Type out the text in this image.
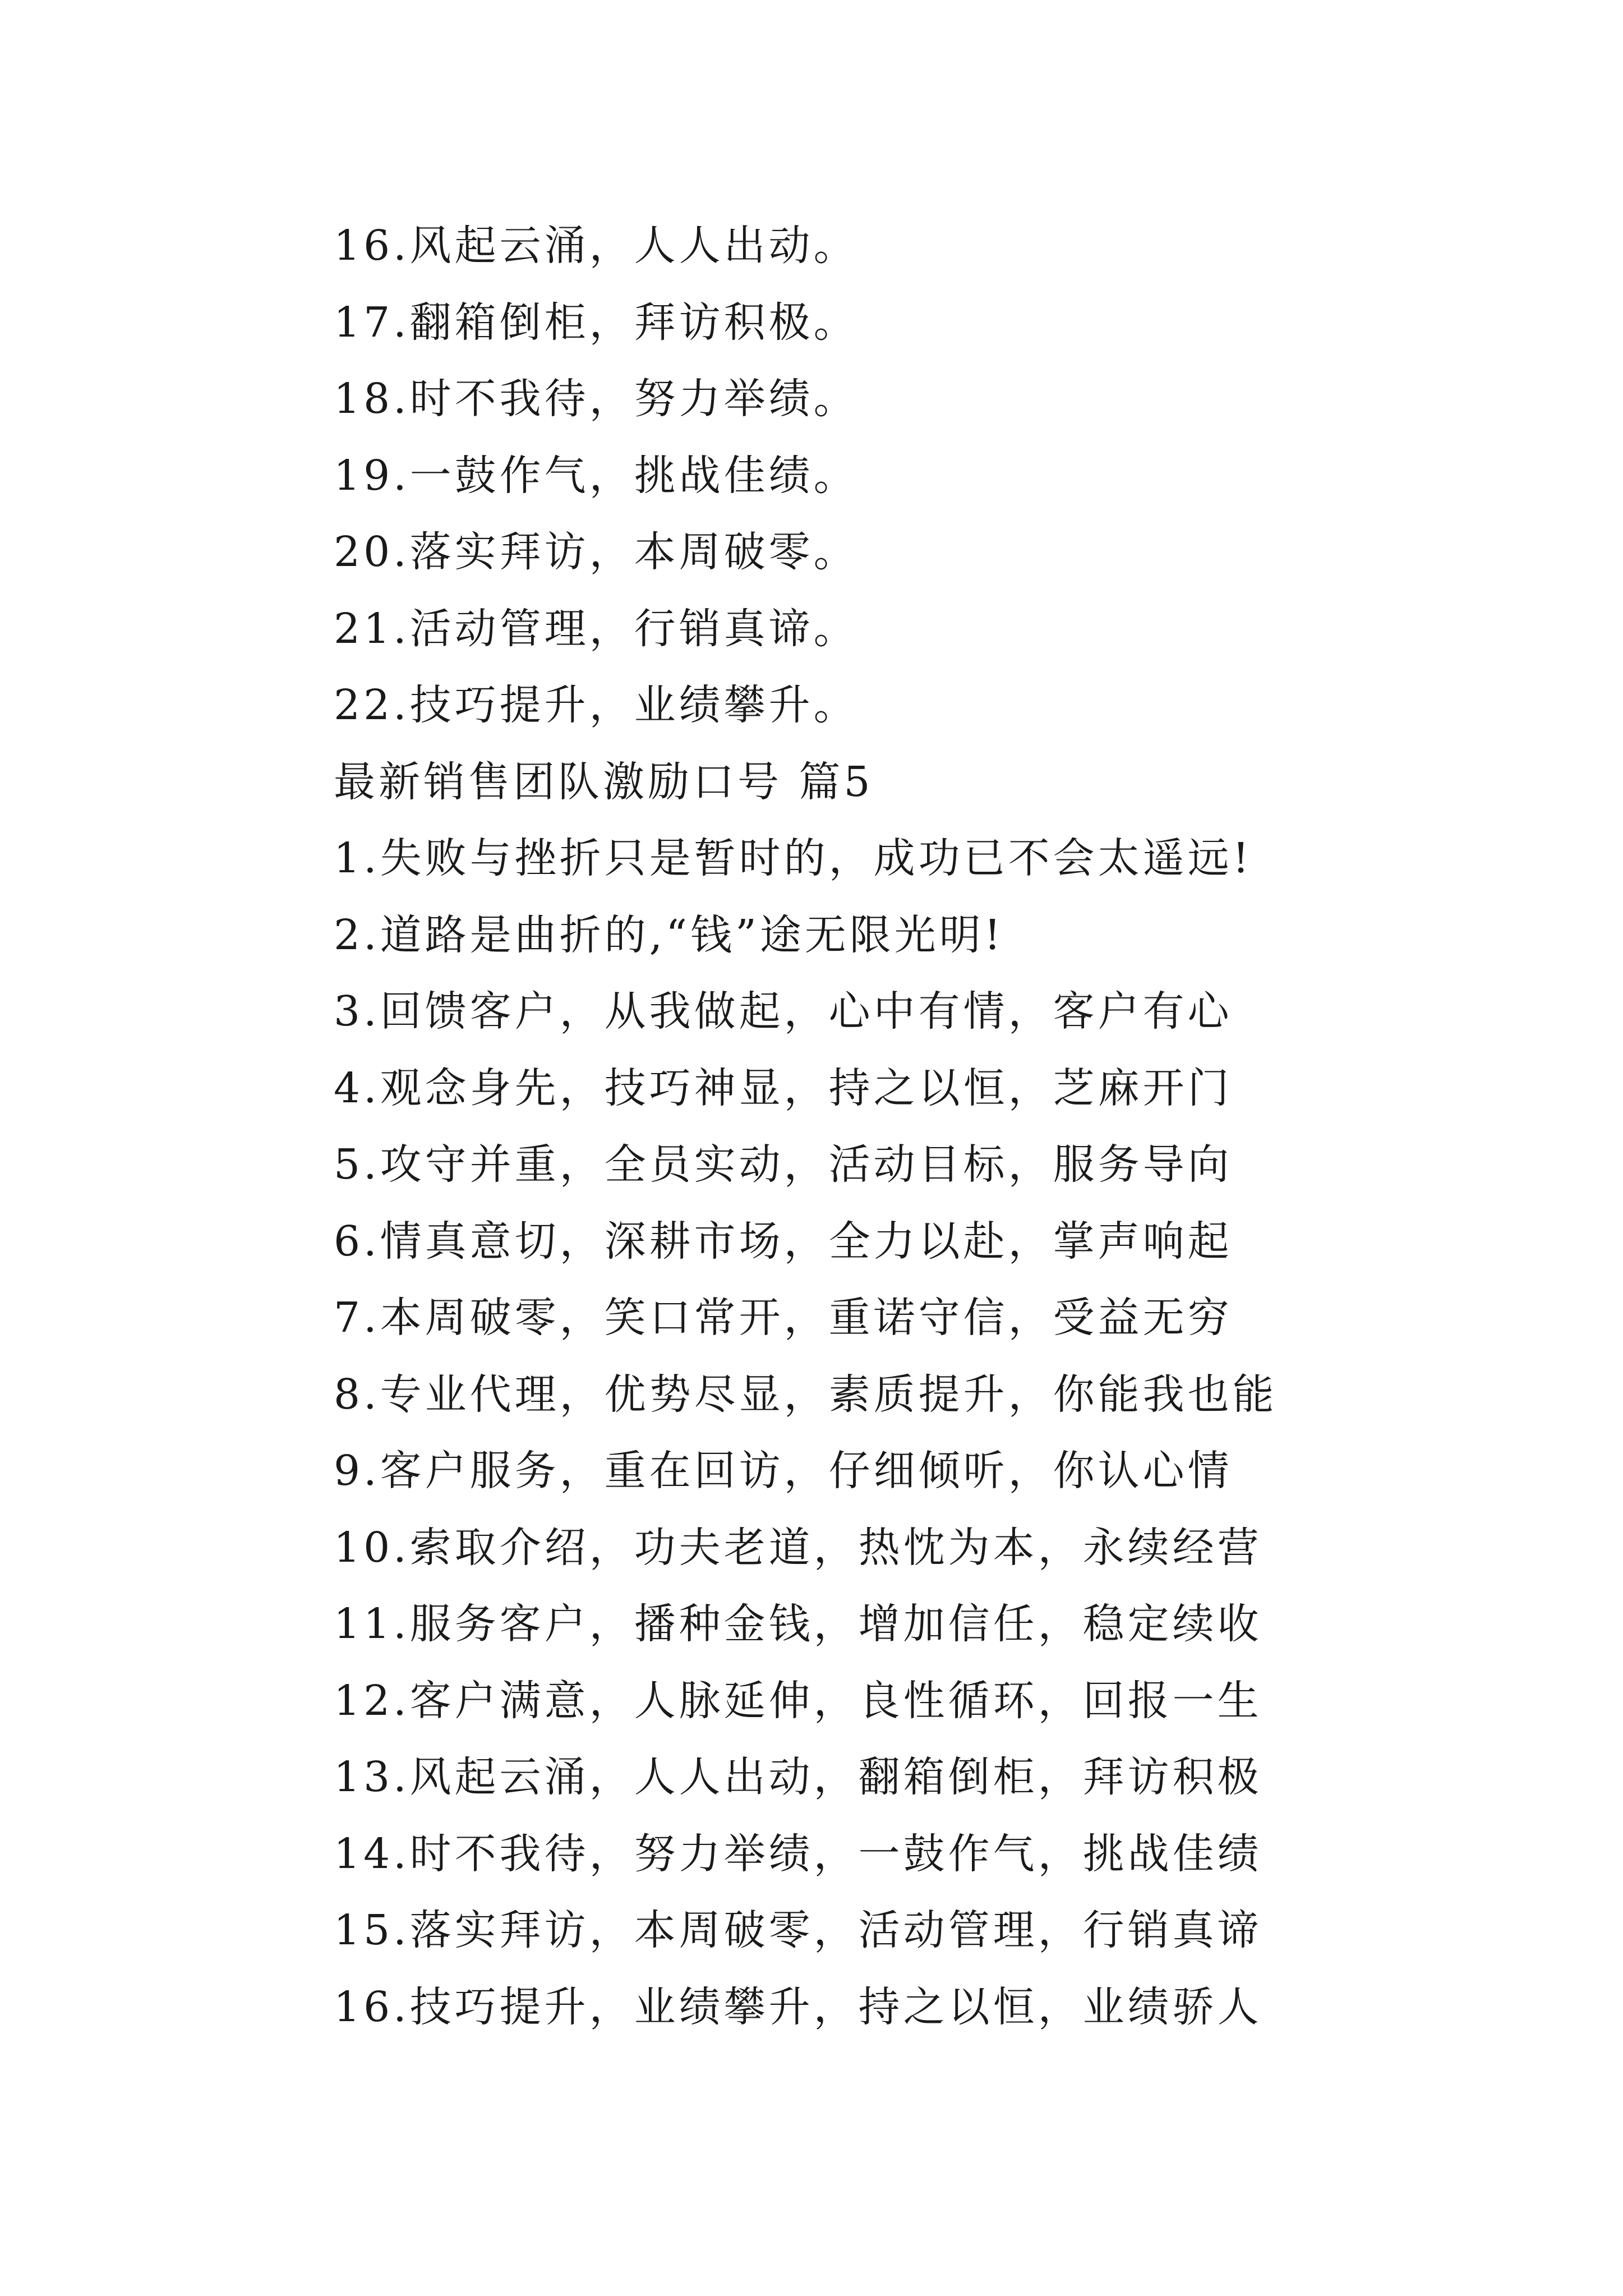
16.风起云涌，人人出动。
17.翻箱倒柜，拜访积极。
18.时不我待，努力举绩。
19.一鼓作气，挑战佳绩。
20.落实拜访，本周破零。
21.活动管理，行销真谛。
22.技巧提升，业绩攀升。
最新销售团队激励口号 篇5
1.失败与挫折只是暂时的，成功已不会太遥远!
2.道路是曲折的,“钱”途无限光明!
3.回馈客户，从我做起，心中有情，客户有心
4.观念身先，技巧神显，持之以恒，芝麻开门
5.攻守并重，全员实动，活动目标，服务导向
6.情真意切，深耕市场，全力以赴，掌声响起
7.本周破零，笑口常开，重诺守信，受益无穷
8.专业代理，优势尽显，素质提升，你能我也能
9.客户服务，重在回访，仔细倾听，你认心情
10.索取介绍，功夫老道，热忱为本，永续经营
11.服务客户，播种金钱，增加信任，稳定续收
12.客户满意，人脉延伸，良性循环，回报一生
13.风起云涌，人人出动，翻箱倒柜，拜访积极
14.时不我待，努力举绩，一鼓作气，挑战佳绩
15.落实拜访，本周破零，活动管理，行销真谛
16.技巧提升，业绩攀升，持之以恒，业绩骄人
